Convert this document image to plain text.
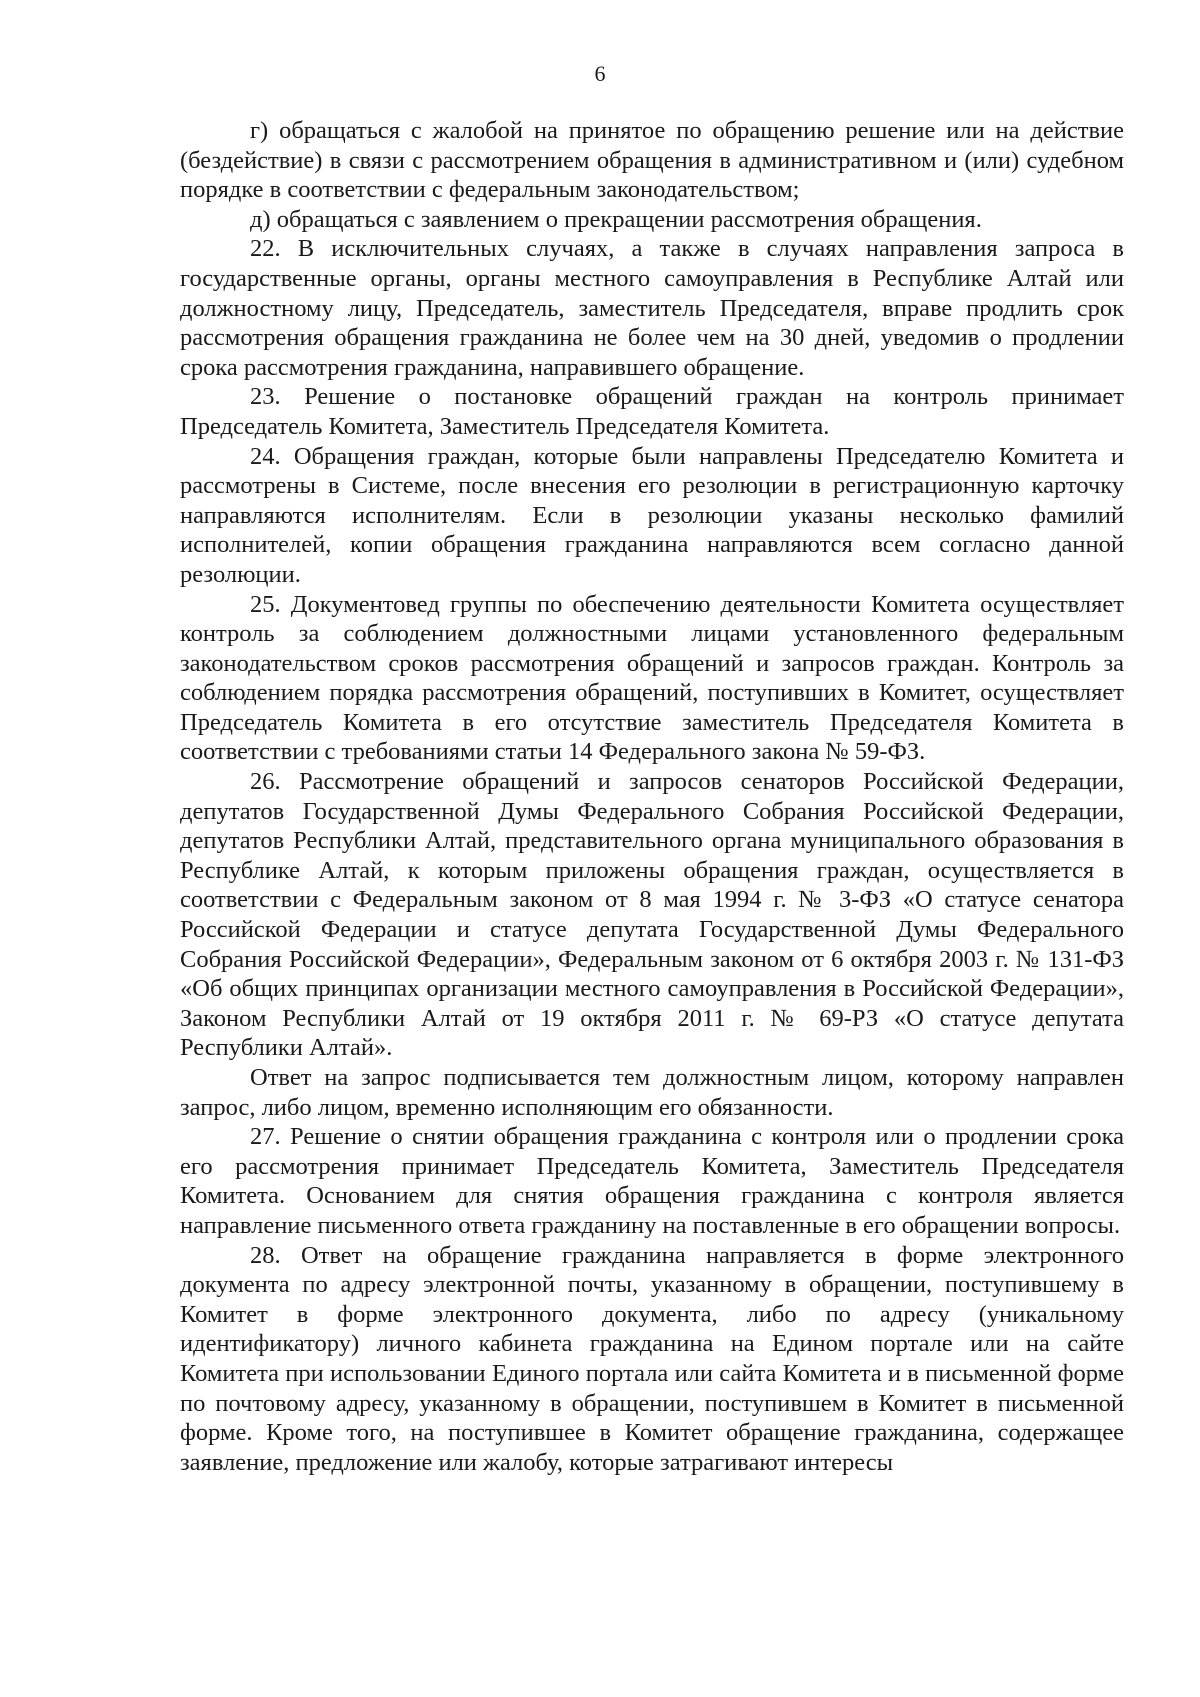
6

г) обращаться с жалобой на принятое по обращению решение или на действие (бездействие) в связи с рассмотрением обращения в административном и (или) судебном порядке в соответствии с федеральным законодательством;

д) обращаться с заявлением о прекращении рассмотрения обращения.

22. В исключительных случаях, а также в случаях направления запроса в государственные органы, органы местного самоуправления в Республике Алтай или должностному лицу, Председатель, заместитель Председателя, вправе продлить срок рассмотрения обращения гражданина не более чем на 30 дней, уведомив о продлении срока рассмотрения гражданина, направившего обращение.

23. Решение о постановке обращений граждан на контроль принимает Председатель Комитета, Заместитель Председателя Комитета.

24. Обращения граждан, которые были направлены Председателю Комитета и рассмотрены в Системе, после внесения его резолюции в регистрационную карточку направляются исполнителям. Если в резолюции указаны несколько фамилий исполнителей, копии обращения гражданина направляются всем согласно данной резолюции.

25. Документовед группы по обеспечению деятельности Комитета осуществляет контроль за соблюдением должностными лицами установленного федеральным законодательством сроков рассмотрения обращений и запросов граждан. Контроль за соблюдением порядка рассмотрения обращений, поступивших в Комитет, осуществляет Председатель Комитета в его отсутствие заместитель Председателя Комитета в соответствии с требованиями статьи 14 Федерального закона № 59-ФЗ.

26. Рассмотрение обращений и запросов сенаторов Российской Федерации, депутатов Государственной Думы Федерального Собрания Российской Федерации, депутатов Республики Алтай, представительного органа муниципального образования в Республике Алтай, к которым приложены обращения граждан, осуществляется в соответствии с Федеральным законом от 8 мая 1994 г. № 3-ФЗ «О статусе сенатора Российской Федерации и статусе депутата Государственной Думы Федерального Собрания Российской Федерации», Федеральным законом от 6 октября 2003 г. № 131-ФЗ «Об общих принципах организации местного самоуправления в Российской Федерации», Законом Республики Алтай от 19 октября 2011 г. № 69-РЗ «О статусе депутата Республики Алтай».

Ответ на запрос подписывается тем должностным лицом, которому направлен запрос, либо лицом, временно исполняющим его обязанности.

27. Решение о снятии обращения гражданина с контроля или о продлении срока его рассмотрения принимает Председатель Комитета, Заместитель Председателя Комитета. Основанием для снятия обращения гражданина с контроля является направление письменного ответа гражданину на поставленные в его обращении вопросы.

28. Ответ на обращение гражданина направляется в форме электронного документа по адресу электронной почты, указанному в обращении, поступившему в Комитет в форме электронного документа, либо по адресу (уникальному идентификатору) личного кабинета гражданина на Едином портале или на сайте Комитета при использовании Единого портала или сайта Комитета и в письменной форме по почтовому адресу, указанному в обращении, поступившем в Комитет в письменной форме. Кроме того, на поступившее в Комитет обращение гражданина, содержащее заявление, предложение или жалобу, которые затрагивают интересы
